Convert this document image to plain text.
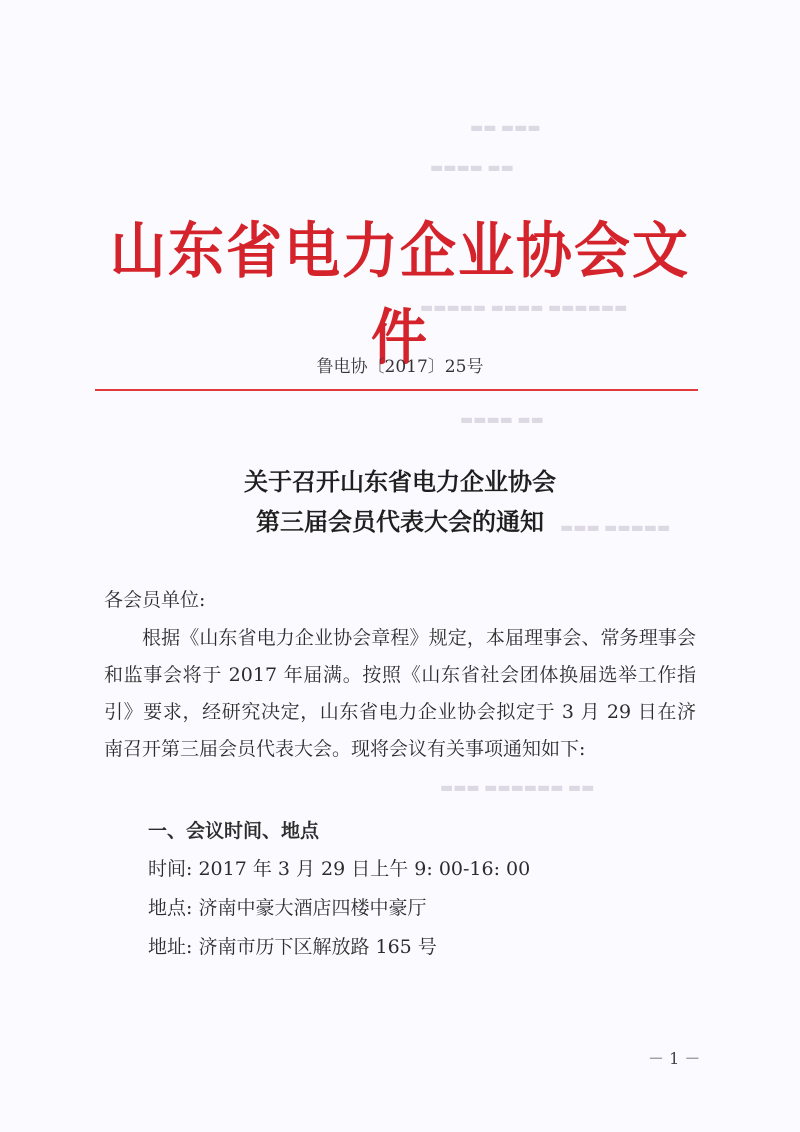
▬▬▬ ▬▬
▬▬ ▬▬▬▬
▬▬▬▬▬▬ ▬▬▬▬ ▬▬▬▬▬
▬▬ ▬▬▬▬
▬▬▬▬▬ ▬▬▬
▬▬ ▬▬▬▬▬▬ ▬▬▬
山东省电力企业协会文件
鲁电协〔2017〕25号
关于召开山东省电力企业协会
第三届会员代表大会的通知
各会员单位:
根据《山东省电力企业协会章程》规定，本届理事会、常务理事会和监事会将于 2017 年届满。按照《山东省社会团体换届选举工作指引》要求，经研究决定，山东省电力企业协会拟定于 3 月 29 日在济南召开第三届会员代表大会。现将会议有关事项通知如下:
一、会议时间、地点
时间: 2017 年 3 月 29 日上午 9: 00-16: 00
地点: 济南中豪大酒店四楼中豪厅
地址: 济南市历下区解放路 165 号
－ 1 －
